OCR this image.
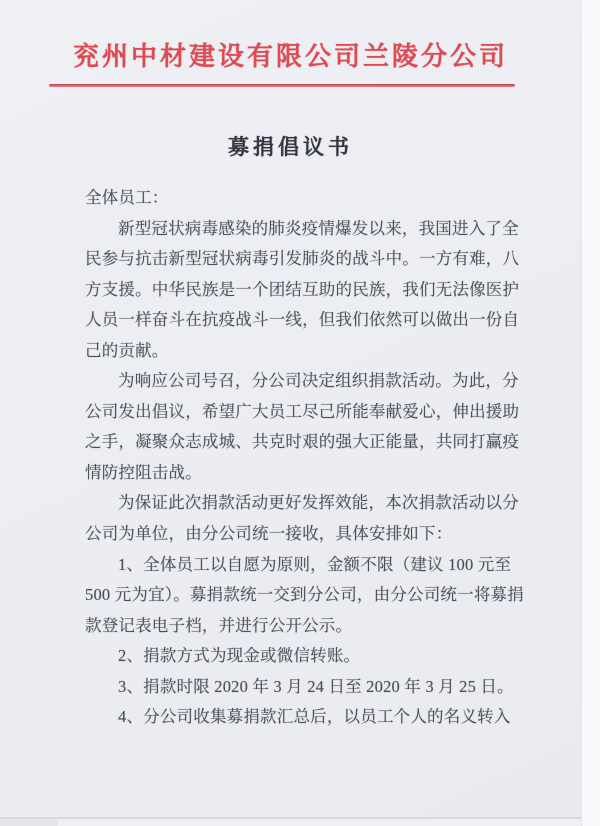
兖州中材建设有限公司兰陵分公司
募捐倡议书
全体员工：
新型冠状病毒感染的肺炎疫情爆发以来，我国进入了全
民参与抗击新型冠状病毒引发肺炎的战斗中。一方有难，八
方支援。中华民族是一个团结互助的民族，我们无法像医护
人员一样奋斗在抗疫战斗一线，但我们依然可以做出一份自
己的贡献。
为响应公司号召，分公司决定组织捐款活动。为此，分
公司发出倡议，希望广大员工尽己所能奉献爱心，伸出援助
之手，凝聚众志成城、共克时艰的强大正能量，共同打赢疫
情防控阻击战。
为保证此次捐款活动更好发挥效能，本次捐款活动以分
公司为单位，由分公司统一接收，具体安排如下：
1、全体员工以自愿为原则，金额不限（建议 100 元至
500 元为宜）。募捐款统一交到分公司，由分公司统一将募捐
款登记表电子档，并进行公开公示。
2、捐款方式为现金或微信转账。
3、捐款时限 2020 年 3 月 24 日至 2020 年 3 月 25 日。
4、分公司收集募捐款汇总后，以员工个人的名义转入
